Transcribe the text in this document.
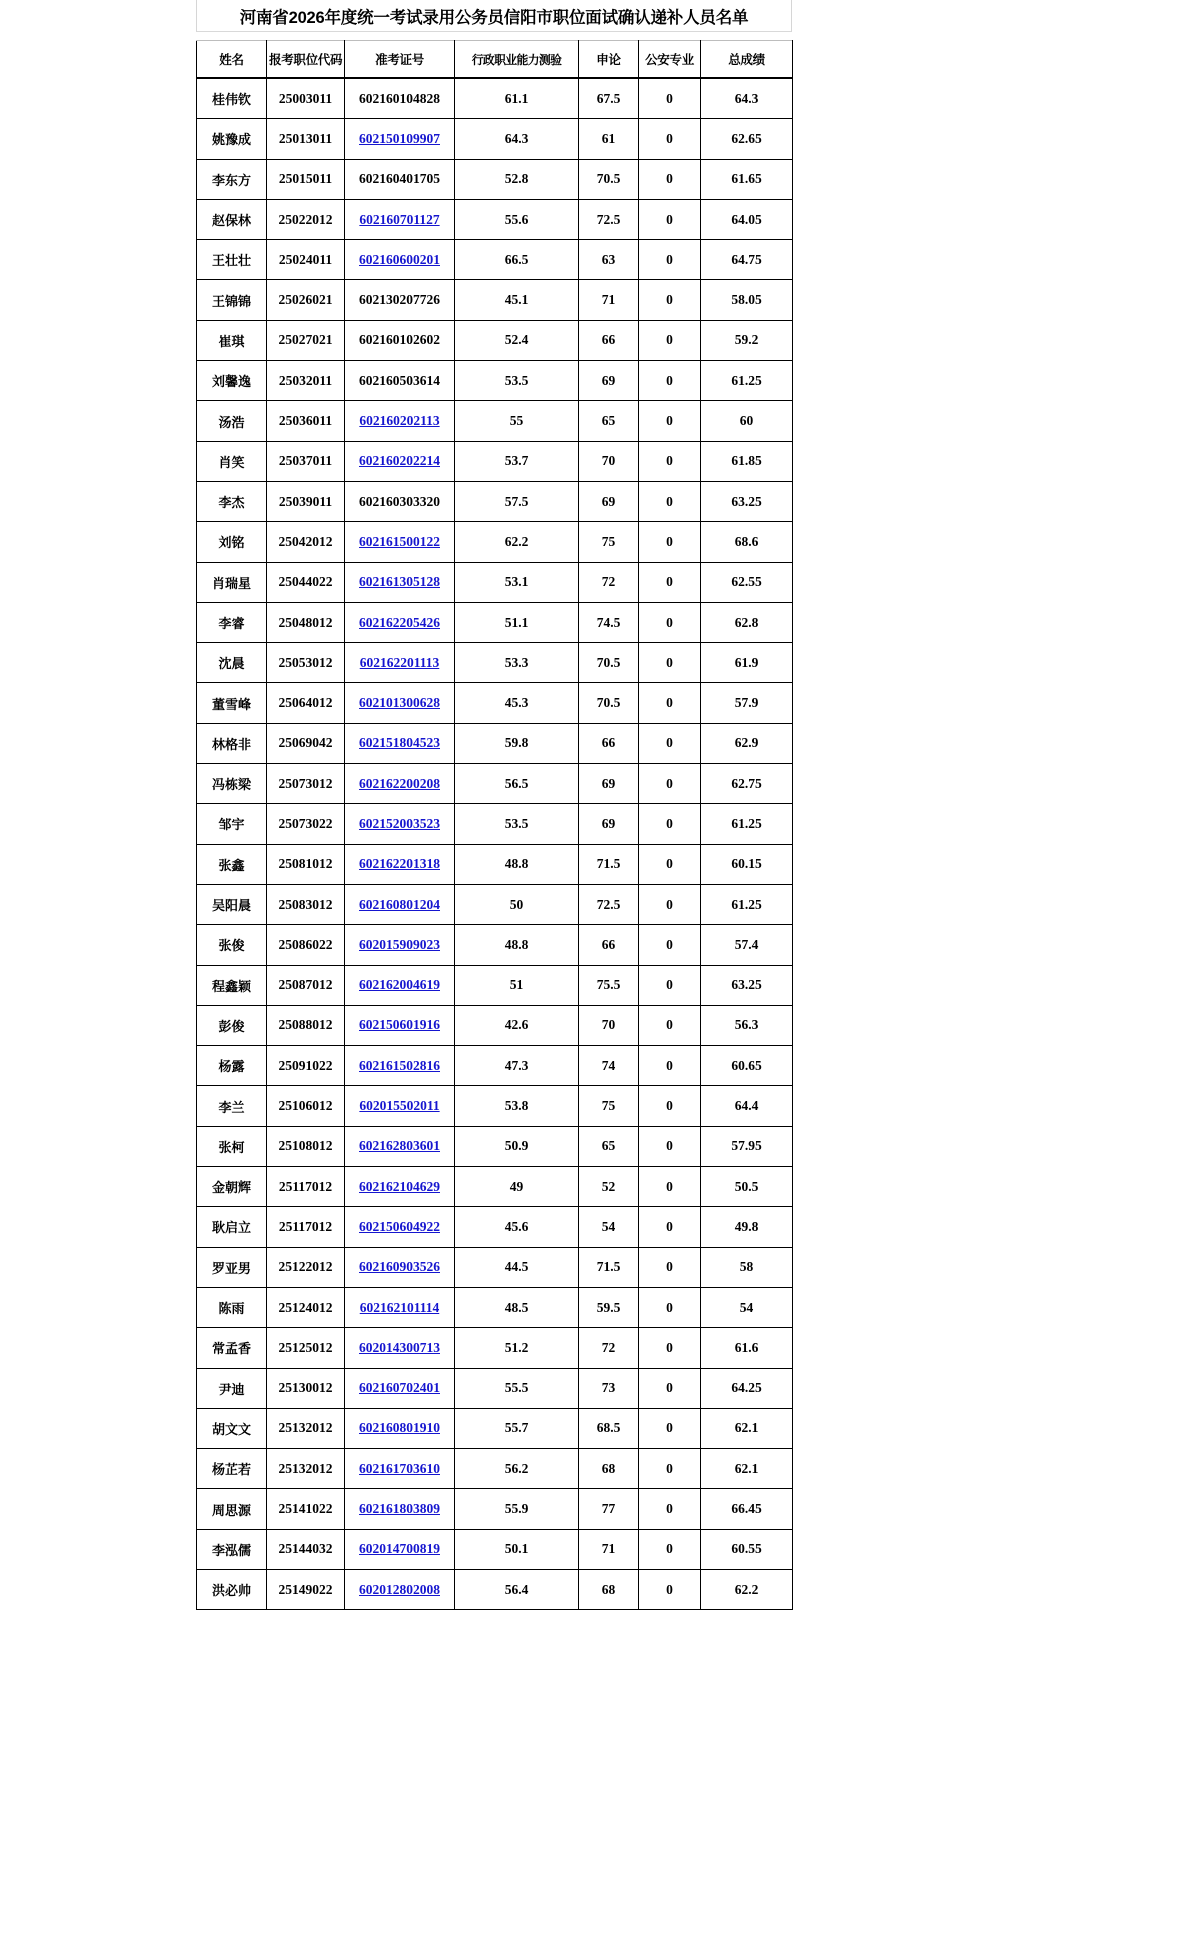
河南省2026年度统一考试录用公务员信阳市职位面试确认递补人员名单
姓名	报考职位代码	准考证号	行政职业能力测验	申论	公安专业	总成绩
桂伟钦	25003011	602160104828	61.1	67.5	0	64.3
姚豫成	25013011	602150109907	64.3	61	0	62.65
李东方	25015011	602160401705	52.8	70.5	0	61.65
赵保林	25022012	602160701127	55.6	72.5	0	64.05
王壮壮	25024011	602160600201	66.5	63	0	64.75
王锦锦	25026021	602130207726	45.1	71	0	58.05
崔琪	25027021	602160102602	52.4	66	0	59.2
刘馨逸	25032011	602160503614	53.5	69	0	61.25
汤浩	25036011	602160202113	55	65	0	60
肖笑	25037011	602160202214	53.7	70	0	61.85
李杰	25039011	602160303320	57.5	69	0	63.25
刘铭	25042012	602161500122	62.2	75	0	68.6
肖瑞星	25044022	602161305128	53.1	72	0	62.55
李睿	25048012	602162205426	51.1	74.5	0	62.8
沈晨	25053012	602162201113	53.3	70.5	0	61.9
董雪峰	25064012	602101300628	45.3	70.5	0	57.9
林格非	25069042	602151804523	59.8	66	0	62.9
冯栋梁	25073012	602162200208	56.5	69	0	62.75
邹宇	25073022	602152003523	53.5	69	0	61.25
张鑫	25081012	602162201318	48.8	71.5	0	60.15
吴阳晨	25083012	602160801204	50	72.5	0	61.25
张俊	25086022	602015909023	48.8	66	0	57.4
程鑫颖	25087012	602162004619	51	75.5	0	63.25
彭俊	25088012	602150601916	42.6	70	0	56.3
杨露	25091022	602161502816	47.3	74	0	60.65
李兰	25106012	602015502011	53.8	75	0	64.4
张柯	25108012	602162803601	50.9	65	0	57.95
金朝辉	25117012	602162104629	49	52	0	50.5
耿启立	25117012	602150604922	45.6	54	0	49.8
罗亚男	25122012	602160903526	44.5	71.5	0	58
陈雨	25124012	602162101114	48.5	59.5	0	54
常孟香	25125012	602014300713	51.2	72	0	61.6
尹迪	25130012	602160702401	55.5	73	0	64.25
胡文文	25132012	602160801910	55.7	68.5	0	62.1
杨芷若	25132012	602161703610	56.2	68	0	62.1
周思源	25141022	602161803809	55.9	77	0	66.45
李泓儒	25144032	602014700819	50.1	71	0	60.55
洪必帅	25149022	602012802008	56.4	68	0	62.2
